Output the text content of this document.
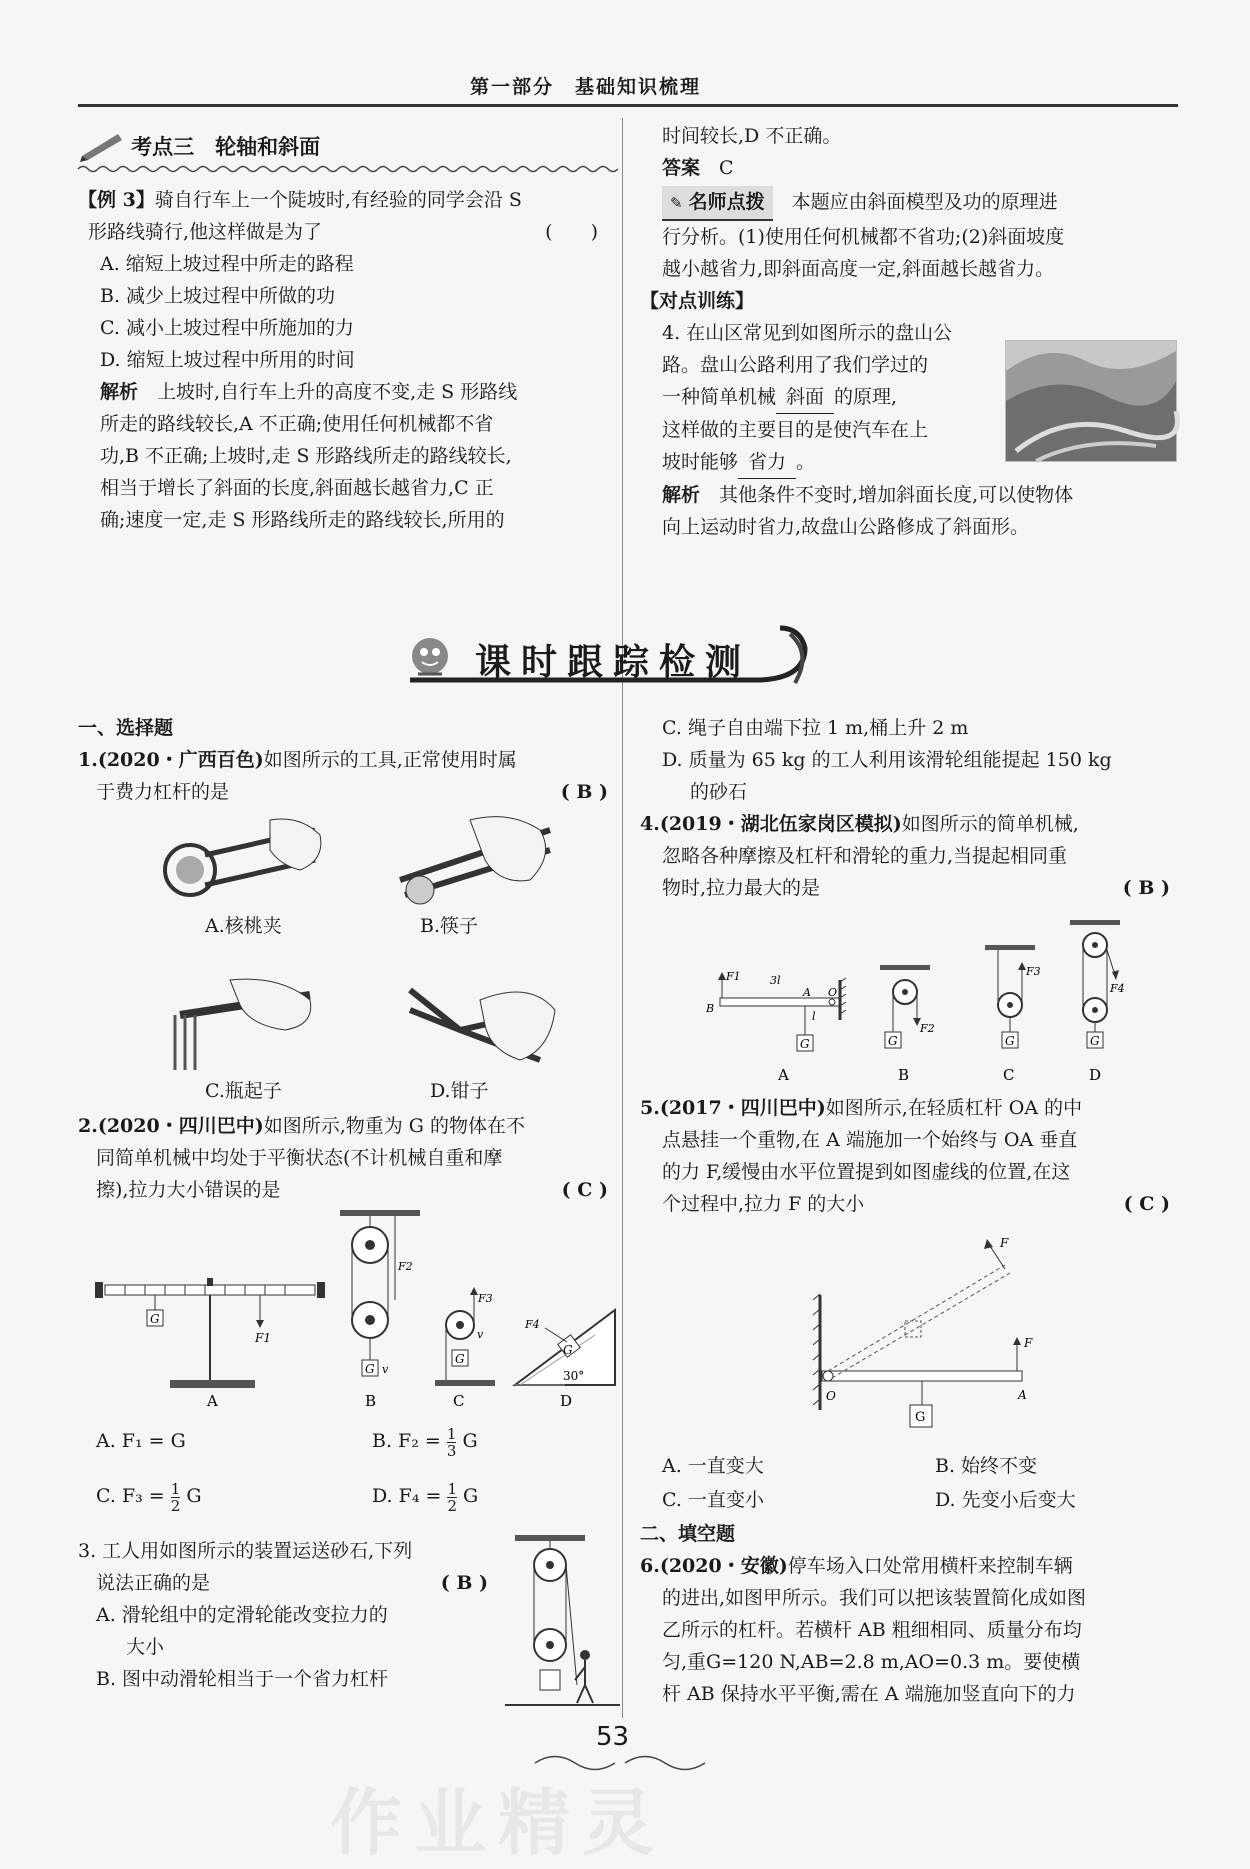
第一部分　基础知识梳理
考点三　轮轴和斜面
【例 3】骑自行车上一个陡坡时,有经验的同学会沿 S
形路线骑行,他这样做是为了	(　　)
A. 缩短上坡过程中所走的路程
B. 减少上坡过程中所做的功
C. 减小上坡过程中所施加的力
D. 缩短上坡过程中所用的时间
解析　 上坡时,自行车上升的高度不变,走 S 形路线
所走的路线较长,A 不正确;使用任何机械都不省
功,B 不正确;上坡时,走 S 形路线所走的路线较长,
相当于增长了斜面的长度,斜面越长越省力,C 正
确;速度一定,走 S 形路线所走的路线较长,所用的
时间较长,D 不正确。
答案　 C
✎ 名师点拨　 本题应由斜面模型及功的原理进
行分析。(1)使用任何机械都不省功;(2)斜面坡度
越小越省力,即斜面高度一定,斜面越长越省力。
【对点训练】
4. 在山区常见到如图所示的盘山公
路。盘山公路利用了我们学过的
一种简单机械 斜面 的原理,
这样做的主要目的是使汽车在上
坡时能够 省力 。
解析　 其他条件不变时,增加斜面长度,可以使物体
向上运动时省力,故盘山公路修成了斜面形。
课时跟踪检测
一、选择题
1.(2020・广西百色)如图所示的工具,正常使用时属
于费力杠杆的是	( B )
A.核桃夹	B.筷子
C.瓶起子	D.钳子
2.(2020・四川巴中)如图所示,物重为 G 的物体在不
同简单机械中均处于平衡状态(不计机械自重和摩
擦),拉力大小错误的是	( C )
G
F1
A
G v
F2
B
F3
G
v
C
G
F4
30°
D
A. F₁ = G	B. $F_2 = \frac{1}{3}$ G
C. $F_3 = \frac{1}{2}$ G	D. $F_4 = \frac{1}{2}$ G
3. 工人用如图所示的装置运送砂石,下列
说法正确的是	( B )
A. 滑轮组中的定滑轮能改变拉力的
大小
B. 图中动滑轮相当于一个省力杠杆
C. 绳子自由端下拉 1 m,桶上升 2 m
D. 质量为 65 kg 的工人利用该滑轮组能提起 150 kg
的砂石
4.(2019・湖北伍家岗区模拟)如图所示的简单机械,
忽略各种摩擦及杠杆和滑轮的重力,当提起相同重
物时,拉力最大的是	( B )
F1	3l
A O
B
l
G
A
F2
G
B
F3
G
C
F4
G
D
5.(2017・四川巴中)如图所示,在轻质杠杆 OA 的中
点悬挂一个重物,在 A 端施加一个始终与 OA 垂直
的力 F,缓慢由水平位置提到如图虚线的位置,在这
个过程中,拉力 F 的大小	( C )
G
F
A
O
F
A. 一直变大	B. 始终不变
C. 一直变小	D. 先变小后变大
二、填空题
6.(2020・安徽)停车场入口处常用横杆来控制车辆
的进出,如图甲所示。我们可以把该装置简化成如图
乙所示的杠杆。若横杆 AB 粗细相同、质量分布均
匀,重G=120 N,AB=2.8 m,AO=0.3 m。要使横
杆 AB 保持水平平衡,需在 A 端施加竖直向下的力
53
作业精灵
